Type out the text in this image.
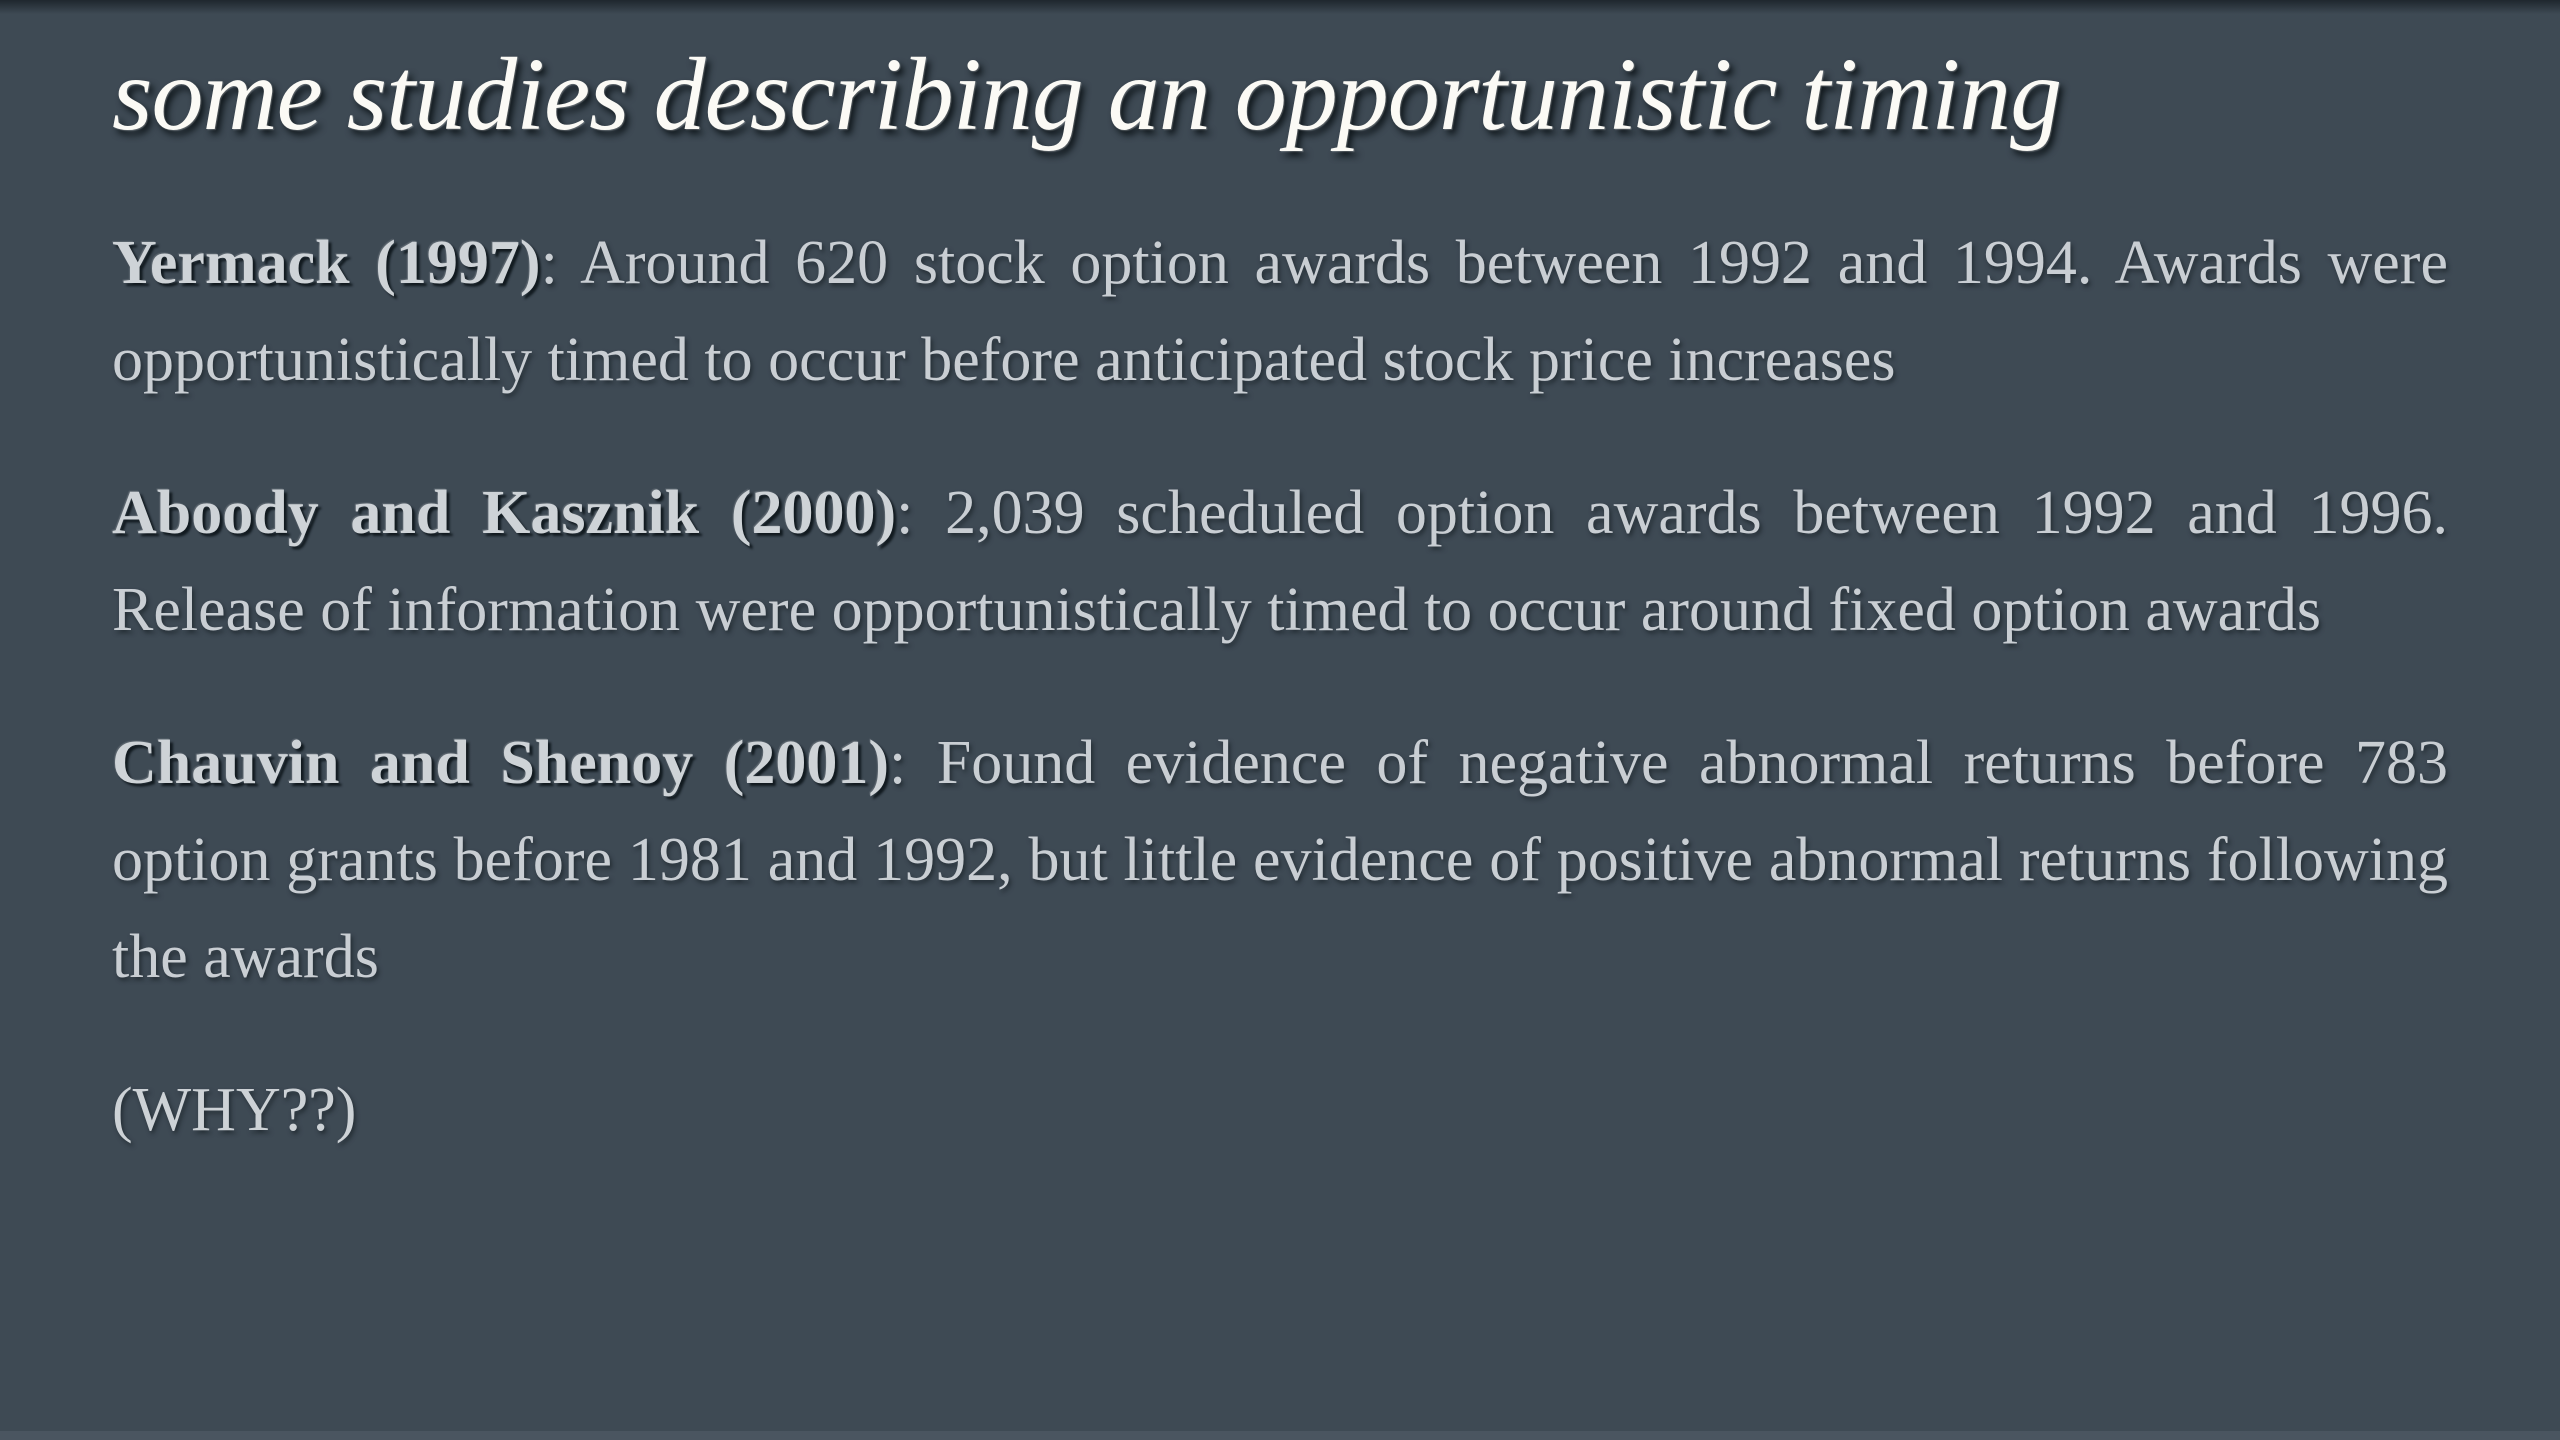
some studies describing an opportunistic timing

Yermack (1997): Around 620 stock option awards between 1992 and 1994. Awards were opportunistically timed to occur before anticipated stock price increases

Aboody and Kasznik (2000): 2,039 scheduled option awards between 1992 and 1996. Release of information were opportunistically timed to occur around fixed option awards

Chauvin and Shenoy (2001): Found evidence of negative abnormal returns before 783 option grants before 1981 and 1992, but little evidence of positive abnormal returns following the awards

(WHY??)
